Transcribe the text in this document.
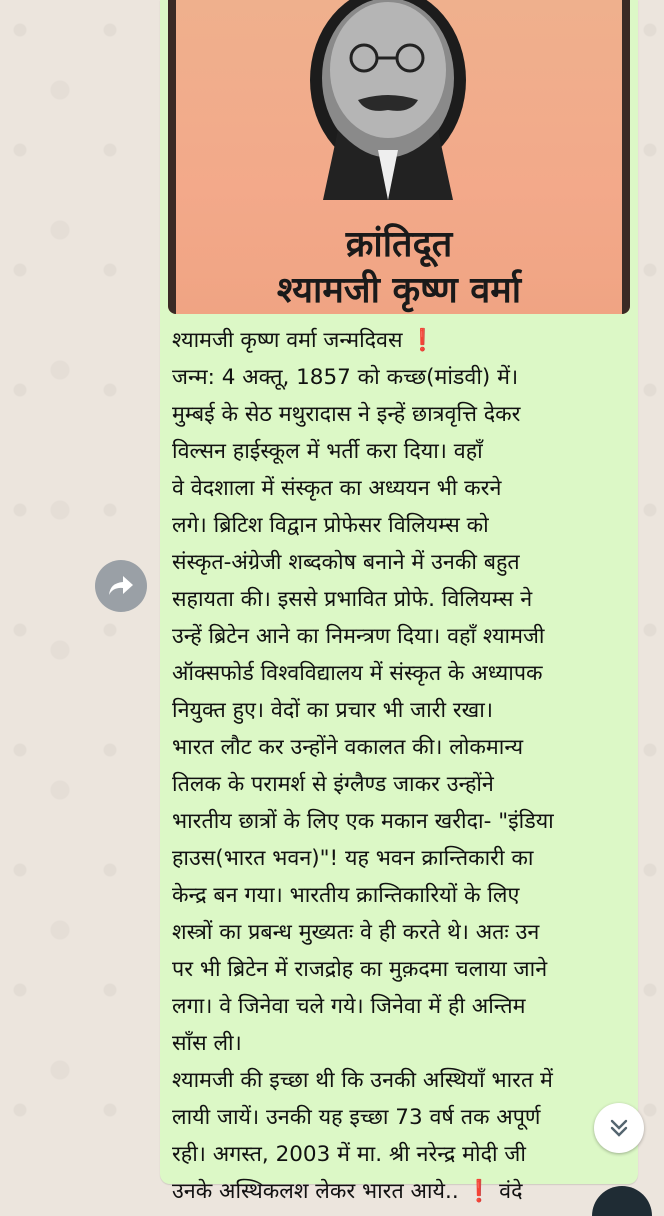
क्रांतिदूत
श्यामजी कृष्ण वर्मा
श्यामजी कृष्ण वर्मा जन्मदिवस ❗
जन्म: 4 अक्तू, 1857 को कच्छ(मांडवी) में।
मुम्बई के सेठ मथुरादास ने इन्हें छात्रवृत्ति देकर
विल्सन हाईस्कूल में भर्ती करा दिया। वहाँ
वे वेदशाला में संस्कृत का अध्ययन भी करने
लगे। ब्रिटिश विद्वान प्रोफेसर विलियम्स को
संस्कृत-अंग्रेजी शब्दकोष बनाने में उनकी बहुत
सहायता की। इससे प्रभावित प्रोफे. विलियम्स ने
उन्हें ब्रिटेन आने का निमन्त्रण दिया। वहाँ श्यामजी
ऑक्सफोर्ड विश्वविद्यालय में संस्कृत के अध्यापक
नियुक्त हुए। वेदों का प्रचार भी जारी रखा।
भारत लौट कर उन्होंने वकालत की। लोकमान्य
तिलक के परामर्श से इंग्लैण्ड जाकर उन्होंने
भारतीय छात्रों के लिए एक मकान खरीदा- "इंडिया
हाउस(भारत भवन)"! यह भवन क्रान्तिकारी का
केन्द्र बन गया। भारतीय क्रान्तिकारियों के लिए
शस्त्रों का प्रबन्ध मुख्यतः वे ही करते थे। अतः उन
पर भी ब्रिटेन में राजद्रोह का मुक़दमा चलाया जाने
लगा। वे जिनेवा चले गये। जिनेवा में ही अन्तिम
साँस ली।
श्यामजी की इच्छा थी कि उनकी अस्थियाँ भारत में
लायी जायें। उनकी यह इच्छा 73 वर्ष तक अपूर्ण
रही। अगस्त, 2003 में मा. श्री नरेन्द्र मोदी जी
उनके अस्थिकलश लेकर भारत आये.. ❗ वंदे
